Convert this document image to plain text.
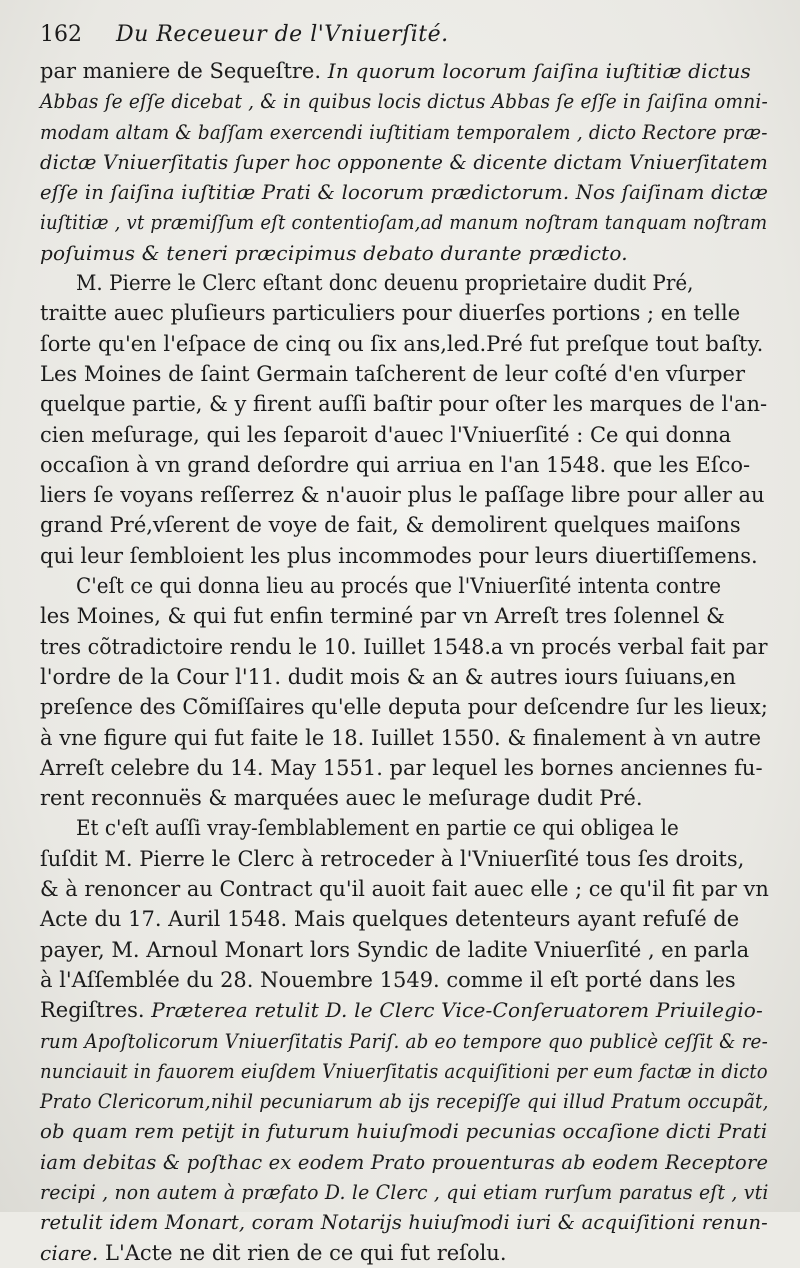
162	Du Receueur de l'Vniuerſité.
par maniere de Sequeſtre. In quorum locorum ſaiſina iuſtitiæ dictus
Abbas ſe eſſe dicebat , & in quibus locis dictus Abbas ſe eſſe in ſaiſina omni-
modam altam & baſſam exercendi iuſtitiam temporalem , dicto Rectore præ-
dictæ Vniuerſitatis ſuper hoc opponente & dicente dictam Vniuerſitatem
eſſe in ſaiſina iuſtitiæ Prati & locorum prædictorum. Nos ſaiſinam dictæ
iuſtitiæ , vt præmiſſum eſt contentioſam,ad manum noſtram tanquam noſtram
poſuimus & teneri præcipimus debato durante prædicto.
M. Pierre le Clerc eſtant donc deuenu proprietaire dudit Pré,
traitte auec pluſieurs particuliers pour diuerſes portions ; en telle
ſorte qu'en l'eſpace de cinq ou ſix ans,led.Pré fut preſque tout baſty.
Les Moines de ſaint Germain taſcherent de leur coſté d'en vſurper
quelque partie, & y firent auſſi baſtir pour oſter les marques de l'an-
cien meſurage, qui les ſeparoit d'auec l'Vniuerſité : Ce qui donna
occaſion à vn grand deſordre qui arriua en l'an 1548. que les Eſco-
liers ſe voyans reſſerrez & n'auoir plus le paſſage libre pour aller au
grand Pré,vſerent de voye de fait, & demolirent quelques maiſons
qui leur ſembloient les plus incommodes pour leurs diuertiſſemens.
C'eſt ce qui donna lieu au procés que l'Vniuerſité intenta contre
les Moines, & qui fut enfin terminé par vn Arreſt tres ſolennel &
tres cõtradictoire rendu le 10. Iuillet 1548.a vn procés verbal fait par
l'ordre de la Cour l'11. dudit mois & an & autres iours ſuiuans,en
preſence des Cõmiſſaires qu'elle deputa pour deſcendre ſur les lieux;
à vne figure qui fut faite le 18. Iuillet 1550. & finalement à vn autre
Arreſt celebre du 14. May 1551. par lequel les bornes anciennes fu-
rent reconnuës & marquées auec le meſurage dudit Pré.
Et c'eſt auſſi vray-ſemblablement en partie ce qui obligea le
ſuſdit M. Pierre le Clerc à retroceder à l'Vniuerſité tous ſes droits,
& à renoncer au Contract qu'il auoit fait auec elle ; ce qu'il fit par vn
Acte du 17. Auril 1548. Mais quelques detenteurs ayant refuſé de
payer, M. Arnoul Monart lors Syndic de ladite Vniuerſité , en parla
à l'Aſſemblée du 28. Nouembre 1549. comme il eſt porté dans les
Regiſtres. Præterea retulit D. le Clerc Vice-Conſeruatorem Priuilegio-
rum Apoſtolicorum Vniuerſitatis Pariſ. ab eo tempore quo publicè ceſſit & re-
nunciauit in fauorem eiuſdem Vniuerſitatis acquiſitioni per eum factæ in dicto
Prato Clericorum,nihil pecuniarum ab ijs recepiſſe qui illud Pratum occupãt,
ob quam rem petijt in futurum huiuſmodi pecunias occaſione dicti Prati
iam debitas & poſthac ex eodem Prato prouenturas ab eodem Receptore
recipi , non autem à præfato D. le Clerc , qui etiam rurſum paratus eſt , vti
retulit idem Monart, coram Notarijs huiuſmodi iuri & acquiſitioni renun-
ciare. L'Acte ne dit rien de ce qui fut reſolu.
